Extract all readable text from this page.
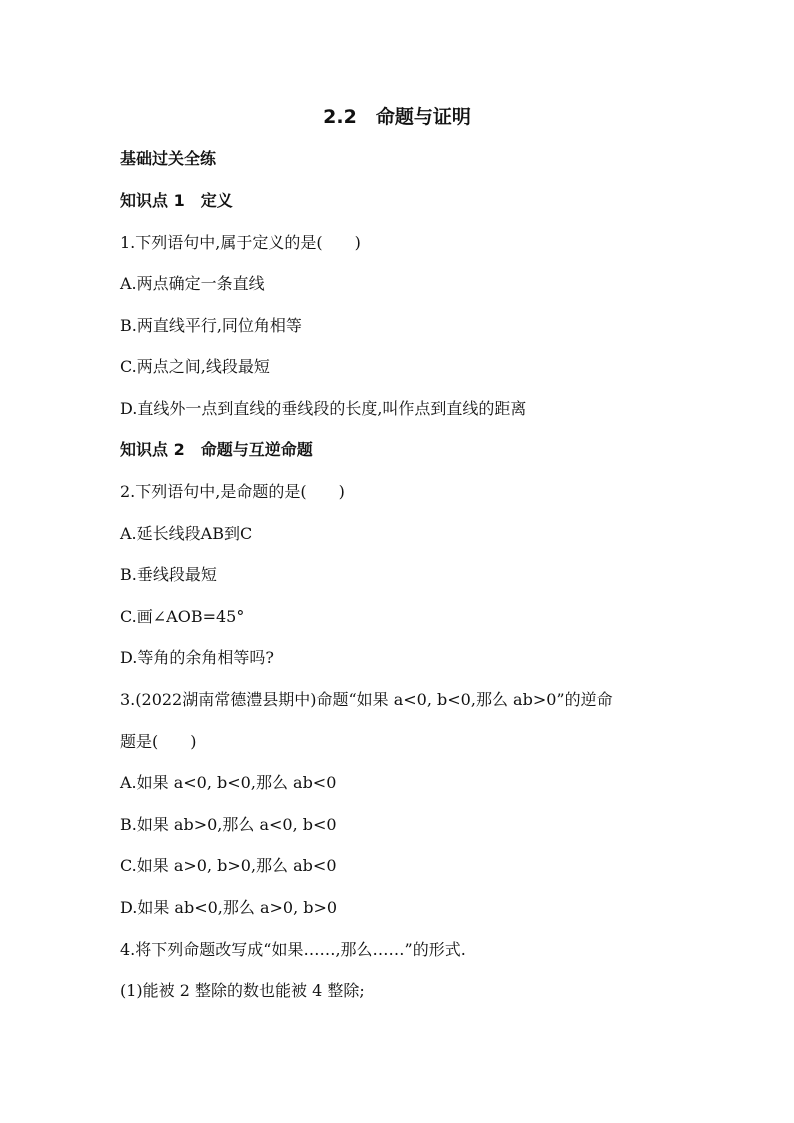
2.2　命题与证明
基础过关全练
知识点 1　定义
1.下列语句中,属于定义的是(　　)
A.两点确定一条直线
B.两直线平行,同位角相等
C.两点之间,线段最短
D.直线外一点到直线的垂线段的长度,叫作点到直线的距离
知识点 2　命题与互逆命题
2.下列语句中,是命题的是(　　)
A.延长线段AB到C
B.垂线段最短
C.画∠AOB=45°
D.等角的余角相等吗?
3.(2022湖南常德澧县期中)命题“如果 a<0, b<0,那么 ab>0”的逆命
题是(　　)
A.如果 a<0, b<0,那么 ab<0
B.如果 ab>0,那么 a<0, b<0
C.如果 a>0, b>0,那么 ab<0
D.如果 ab<0,那么 a>0, b>0
4.将下列命题改写成“如果……,那么……”的形式.
(1)能被 2 整除的数也能被 4 整除;
